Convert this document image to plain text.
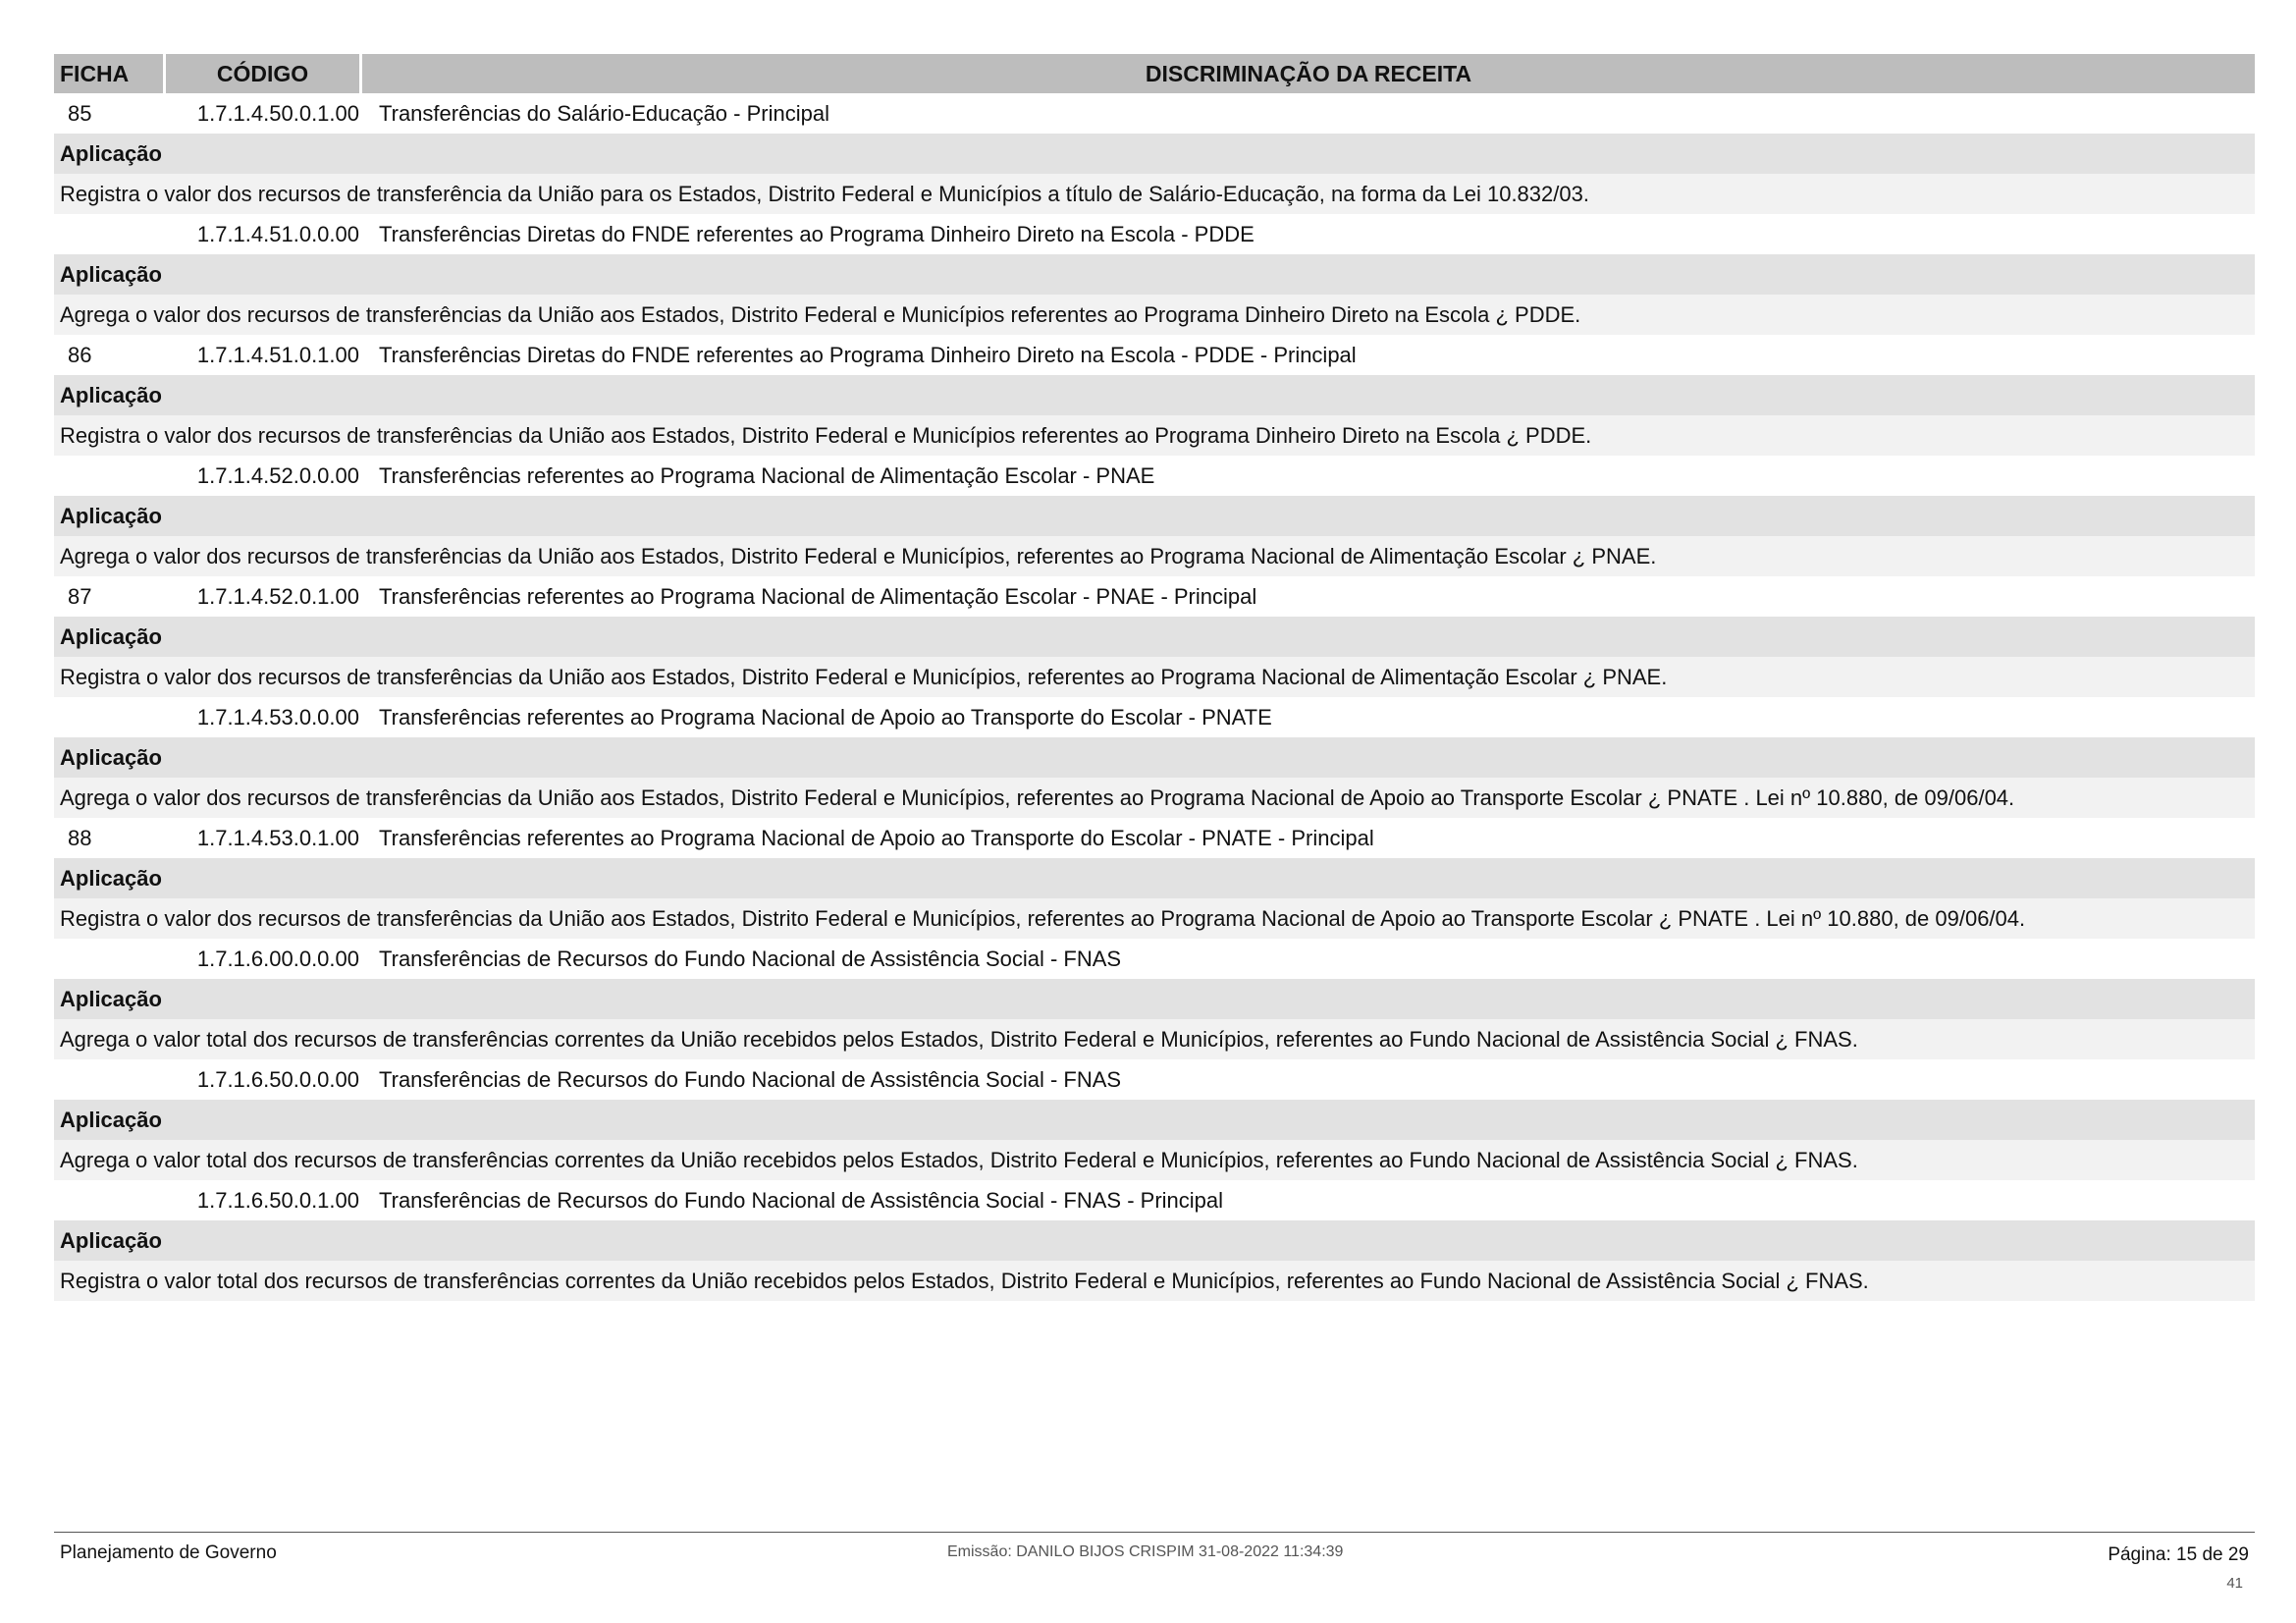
FICHA	CÓDIGO	DISCRIMINAÇÃO DA RECEITA
85	1.7.1.4.50.0.1.00 Transferências do Salário-Educação - Principal
Aplicação
Registra o valor dos recursos de transferência da União para os Estados, Distrito Federal e Municípios a título de Salário-Educação, na forma da Lei 10.832/03.
1.7.1.4.51.0.0.00 Transferências Diretas do FNDE referentes ao Programa Dinheiro Direto na Escola - PDDE
Aplicação
Agrega o valor dos recursos de transferências da União aos Estados, Distrito Federal e Municípios referentes ao Programa Dinheiro Direto na Escola ¿ PDDE.
86	1.7.1.4.51.0.1.00 Transferências Diretas do FNDE referentes ao Programa Dinheiro Direto na Escola - PDDE - Principal
Aplicação
Registra o valor dos recursos de transferências da União aos Estados, Distrito Federal e Municípios referentes ao Programa Dinheiro Direto na Escola ¿ PDDE.
1.7.1.4.52.0.0.00 Transferências referentes ao Programa Nacional de Alimentação Escolar - PNAE
Aplicação
Agrega o valor dos recursos de transferências da União aos Estados, Distrito Federal e Municípios, referentes ao Programa Nacional de Alimentação Escolar ¿ PNAE.
87	1.7.1.4.52.0.1.00 Transferências referentes ao Programa Nacional de Alimentação Escolar - PNAE - Principal
Aplicação
Registra o valor dos recursos de transferências da União aos Estados, Distrito Federal e Municípios, referentes ao Programa Nacional de Alimentação Escolar ¿ PNAE.
1.7.1.4.53.0.0.00 Transferências referentes ao Programa Nacional de Apoio ao Transporte do Escolar - PNATE
Aplicação
Agrega o valor dos recursos de transferências da União aos Estados, Distrito Federal e Municípios, referentes ao Programa Nacional de Apoio ao Transporte Escolar ¿ PNATE . Lei nº 10.880, de 09/06/04.
88	1.7.1.4.53.0.1.00 Transferências referentes ao Programa Nacional de Apoio ao Transporte do Escolar - PNATE - Principal
Aplicação
Registra o valor dos recursos de transferências da União aos Estados, Distrito Federal e Municípios, referentes ao Programa Nacional de Apoio ao Transporte Escolar ¿ PNATE . Lei nº 10.880, de 09/06/04.
1.7.1.6.00.0.0.00 Transferências de Recursos do Fundo Nacional de Assistência Social - FNAS
Aplicação
Agrega o valor total dos recursos de transferências correntes da União recebidos pelos Estados, Distrito Federal e Municípios, referentes ao Fundo Nacional de Assistência Social ¿ FNAS.
1.7.1.6.50.0.0.00 Transferências de Recursos do Fundo Nacional de Assistência Social - FNAS
Aplicação
Agrega o valor total dos recursos de transferências correntes da União recebidos pelos Estados, Distrito Federal e Municípios, referentes ao Fundo Nacional de Assistência Social ¿ FNAS.
1.7.1.6.50.0.1.00 Transferências de Recursos do Fundo Nacional de Assistência Social - FNAS - Principal
Aplicação
Registra o valor total dos recursos de transferências correntes da União recebidos pelos Estados, Distrito Federal e Municípios, referentes ao Fundo Nacional de Assistência Social ¿ FNAS.
Planejamento de Governo	Emissão: DANILO BIJOS CRISPIM 31-08-2022 11:34:39	Página: 15 de 29
41
